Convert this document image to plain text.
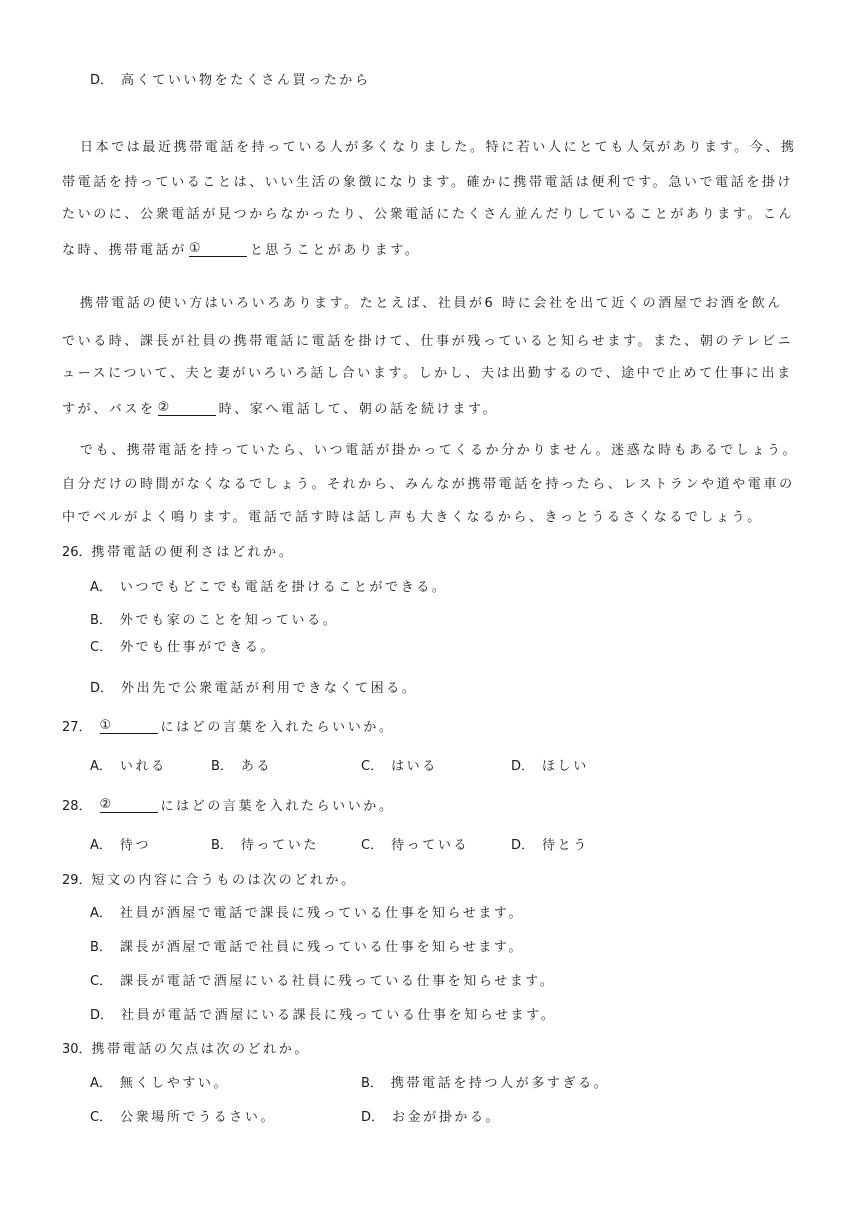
D． 高くていい物をたくさん買ったから
日本では最近携帯電話を持っている人が多くなりました。特に若い人にとても人気があります。今、携
帯電話を持っていることは、いい生活の象徴になります。確かに携帯電話は便利です。急いで電話を掛け
たいのに、公衆電話が見つからなかったり、公衆電話にたくさん並んだりしていることがあります。こん
な時、携帯電話が ①	と思うことがあります。
携帯電話の使い方はいろいろあります。たとえば、社員が6 時に会社を出て近くの酒屋でお酒を飲ん
でいる時、課長が社員の携帯電話に電話を掛けて、仕事が残っていると知らせます。また、朝のテレビニ
ュースについて、夫と妻がいろいろ話し合います。しかし、夫は出勤するので、途中で止めて仕事に出ま
すが、バスを ②	時、家へ電話して、朝の話を続けます。
でも、携帯電話を持っていたら、いつ電話が掛かってくるか分かりません。迷惑な時もあるでしょう。
自分だけの時間がなくなるでしょう。それから、みんなが携帯電話を持ったら、レストランや道や電車の
中でベルがよく鳴ります。電話で話す時は話し声も大きくなるから、きっとうるさくなるでしょう。
26．携帯電話の便利さはどれか。
A． いつでもどこでも電話を掛けることができる。
B． 外でも家のことを知っている。
C． 外でも仕事ができる。
D． 外出先で公衆電話が利用できなくて困る。
27． ①	にはどの言葉を入れたらいいか。
A． いれる	B． ある	C． はいる	D． ほしい
28． ②	にはどの言葉を入れたらいいか。
A． 待つ	B． 待っていた	C． 待っている	D． 待とう
29．短文の内容に合うものは次のどれか。
A． 社員が酒屋で電話で課長に残っている仕事を知らせます。
B． 課長が酒屋で電話で社員に残っている仕事を知らせます。
C． 課長が電話で酒屋にいる社員に残っている仕事を知らせます。
D． 社員が電話で酒屋にいる課長に残っている仕事を知らせます。
30．携帯電話の欠点は次のどれか。
A． 無くしやすい。	B． 携帯電話を持つ人が多すぎる。
C． 公衆場所でうるさい。	D． お金が掛かる。
